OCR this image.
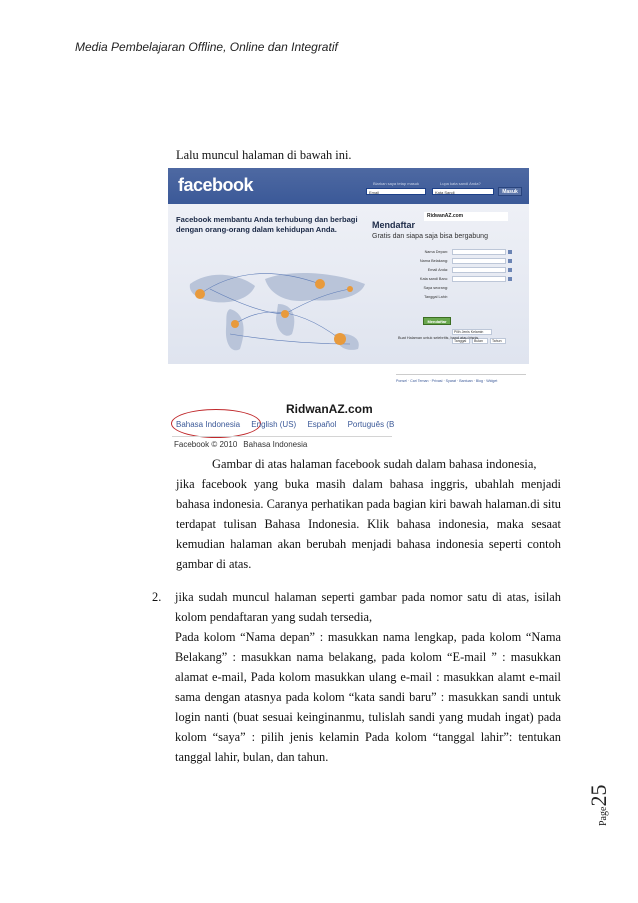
Media Pembelajaran Offline, Online dan Integratif
Lalu muncul halaman di bawah ini.
facebook	Biarkan saya tetap masuk	Lupa kata sandi Anda?
Email	Kata Sandi	Masuk
Facebook membantu Anda terhubung dan berbagi dengan orang-orang dalam kehidupan Anda.
RidwanAZ.com
Mendaftar
Gratis dan siapa saja bisa bergabung
Nama Depan:
Nama Belakang:
Email Anda:
Kata sandi Baru:
Saya seorang:
Pilih Jenis Kelamin
Tanggal Lahir:
Tanggal	Bulan	Tahun
Mendaftar
Buat Halaman untuk selebritis, band atau bisnis.
Ponsel · Cari Teman · Privasi · Syarat · Bantuan · Blog · Widget
RidwanAZ.com
Bahasa Indonesia English (US) Español Português (B
Facebook © 2010 Bahasa Indonesia
Gambar di atas halaman facebook sudah dalam bahasa indonesia,
jika facebook yang buka masih dalam bahasa inggris, ubahlah menjadi bahasa indonesia. Caranya perhatikan pada bagian kiri bawah halaman.di situ terdapat tulisan Bahasa Indonesia. Klik bahasa indonesia, maka sesaat kemudian halaman akan berubah menjadi bahasa indonesia seperti contoh gambar di atas.
2. jika sudah muncul halaman seperti gambar pada nomor satu di atas, isilah kolom pendaftaran yang sudah tersedia,
Pada kolom “Nama depan” : masukkan nama lengkap, pada kolom “Nama Belakang” : masukkan nama belakang, pada kolom “E-mail ” : masukkan alamat e-mail, Pada kolom masukkan ulang e-mail : masukkan alamt e-mail sama dengan atasnya pada kolom “kata sandi baru” : masukkan sandi untuk login nanti (buat sesuai keinginanmu, tulislah sandi yang mudah ingat) pada kolom “saya” : pilih jenis kelamin Pada kolom “tanggal lahir”: tentukan tanggal lahir, bulan, dan tahun.
Page25
